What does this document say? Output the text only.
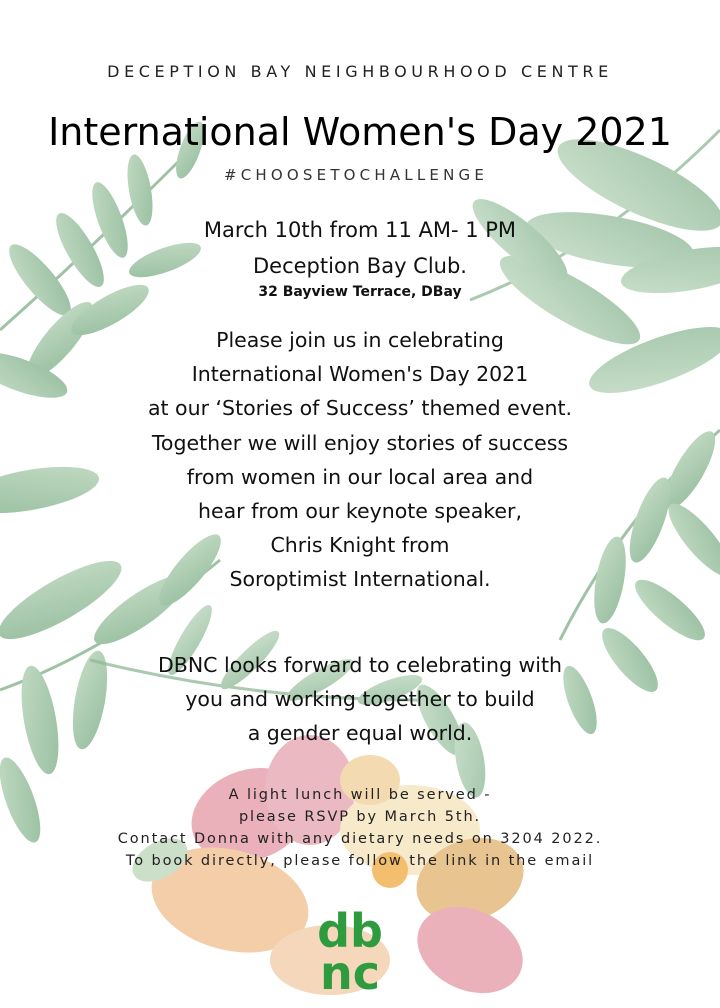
DECEPTION BAY NEIGHBOURHOOD CENTRE
International Women's Day 2021
#CHOOSETOCHALLENGE
March 10th from 11 AM- 1 PM
Deception Bay Club.
32 Bayview Terrace, DBay
Please join us in celebrating
International Women's Day 2021
at our ‘Stories of Success’ themed event.
Together we will enjoy stories of success
from women in our local area and
hear from our keynote speaker,
Chris Knight from
Soroptimist International.
DBNC looks forward to celebrating with
you and working together to build
a gender equal world.
A light lunch will be served -
please RSVP by March 5th.
Contact Donna with any dietary needs on 3204 2022.
To book directly, please follow the link in the email
db
nc
